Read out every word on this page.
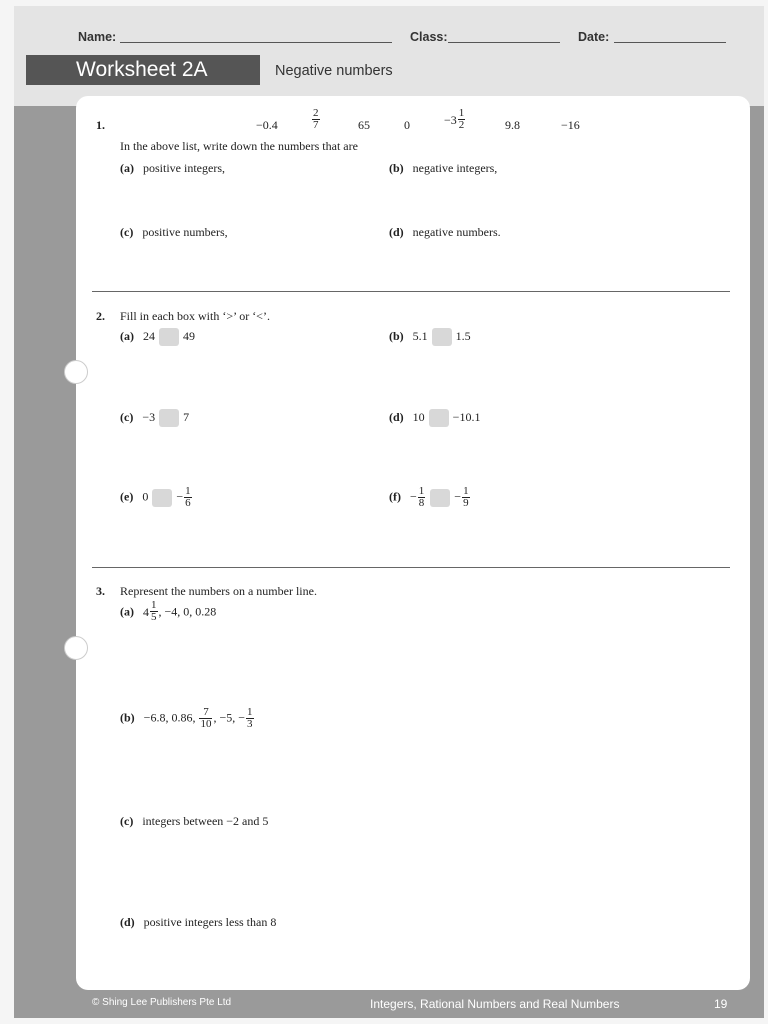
Name:	Class:	Date:
Worksheet 2A	Negative numbers
1.	−0.4	$\frac{2}{7}$	65	0	$-3 \frac{1}{2}$	9.8	−16
In the above list, write down the numbers that are
(a) positive integers,	(b) negative integers,
(c) positive numbers,	(d) negative numbers.
2. Fill in each box with ‘>’ or ‘<’.
(a) 24 49	(b) 5.1 1.5
(c) −3 7	(d) 10 −10.1
(e) $0 - \frac{1}{6}$	$(f) - \frac{1}{8} - \frac{1}{9}$
3. Represent the numbers on a number line.
(a) $4 \frac{1}{5}$ , −4, 0, 0.28
(b) −6.8, 0.86, $\frac{7}{10}$ , −5, − $\frac{1}{3}$
(c) integers between −2 and 5
(d) positive integers less than 8
© Shing Lee Publishers Pte Ltd	Integers, Rational Numbers and Real Numbers	19
